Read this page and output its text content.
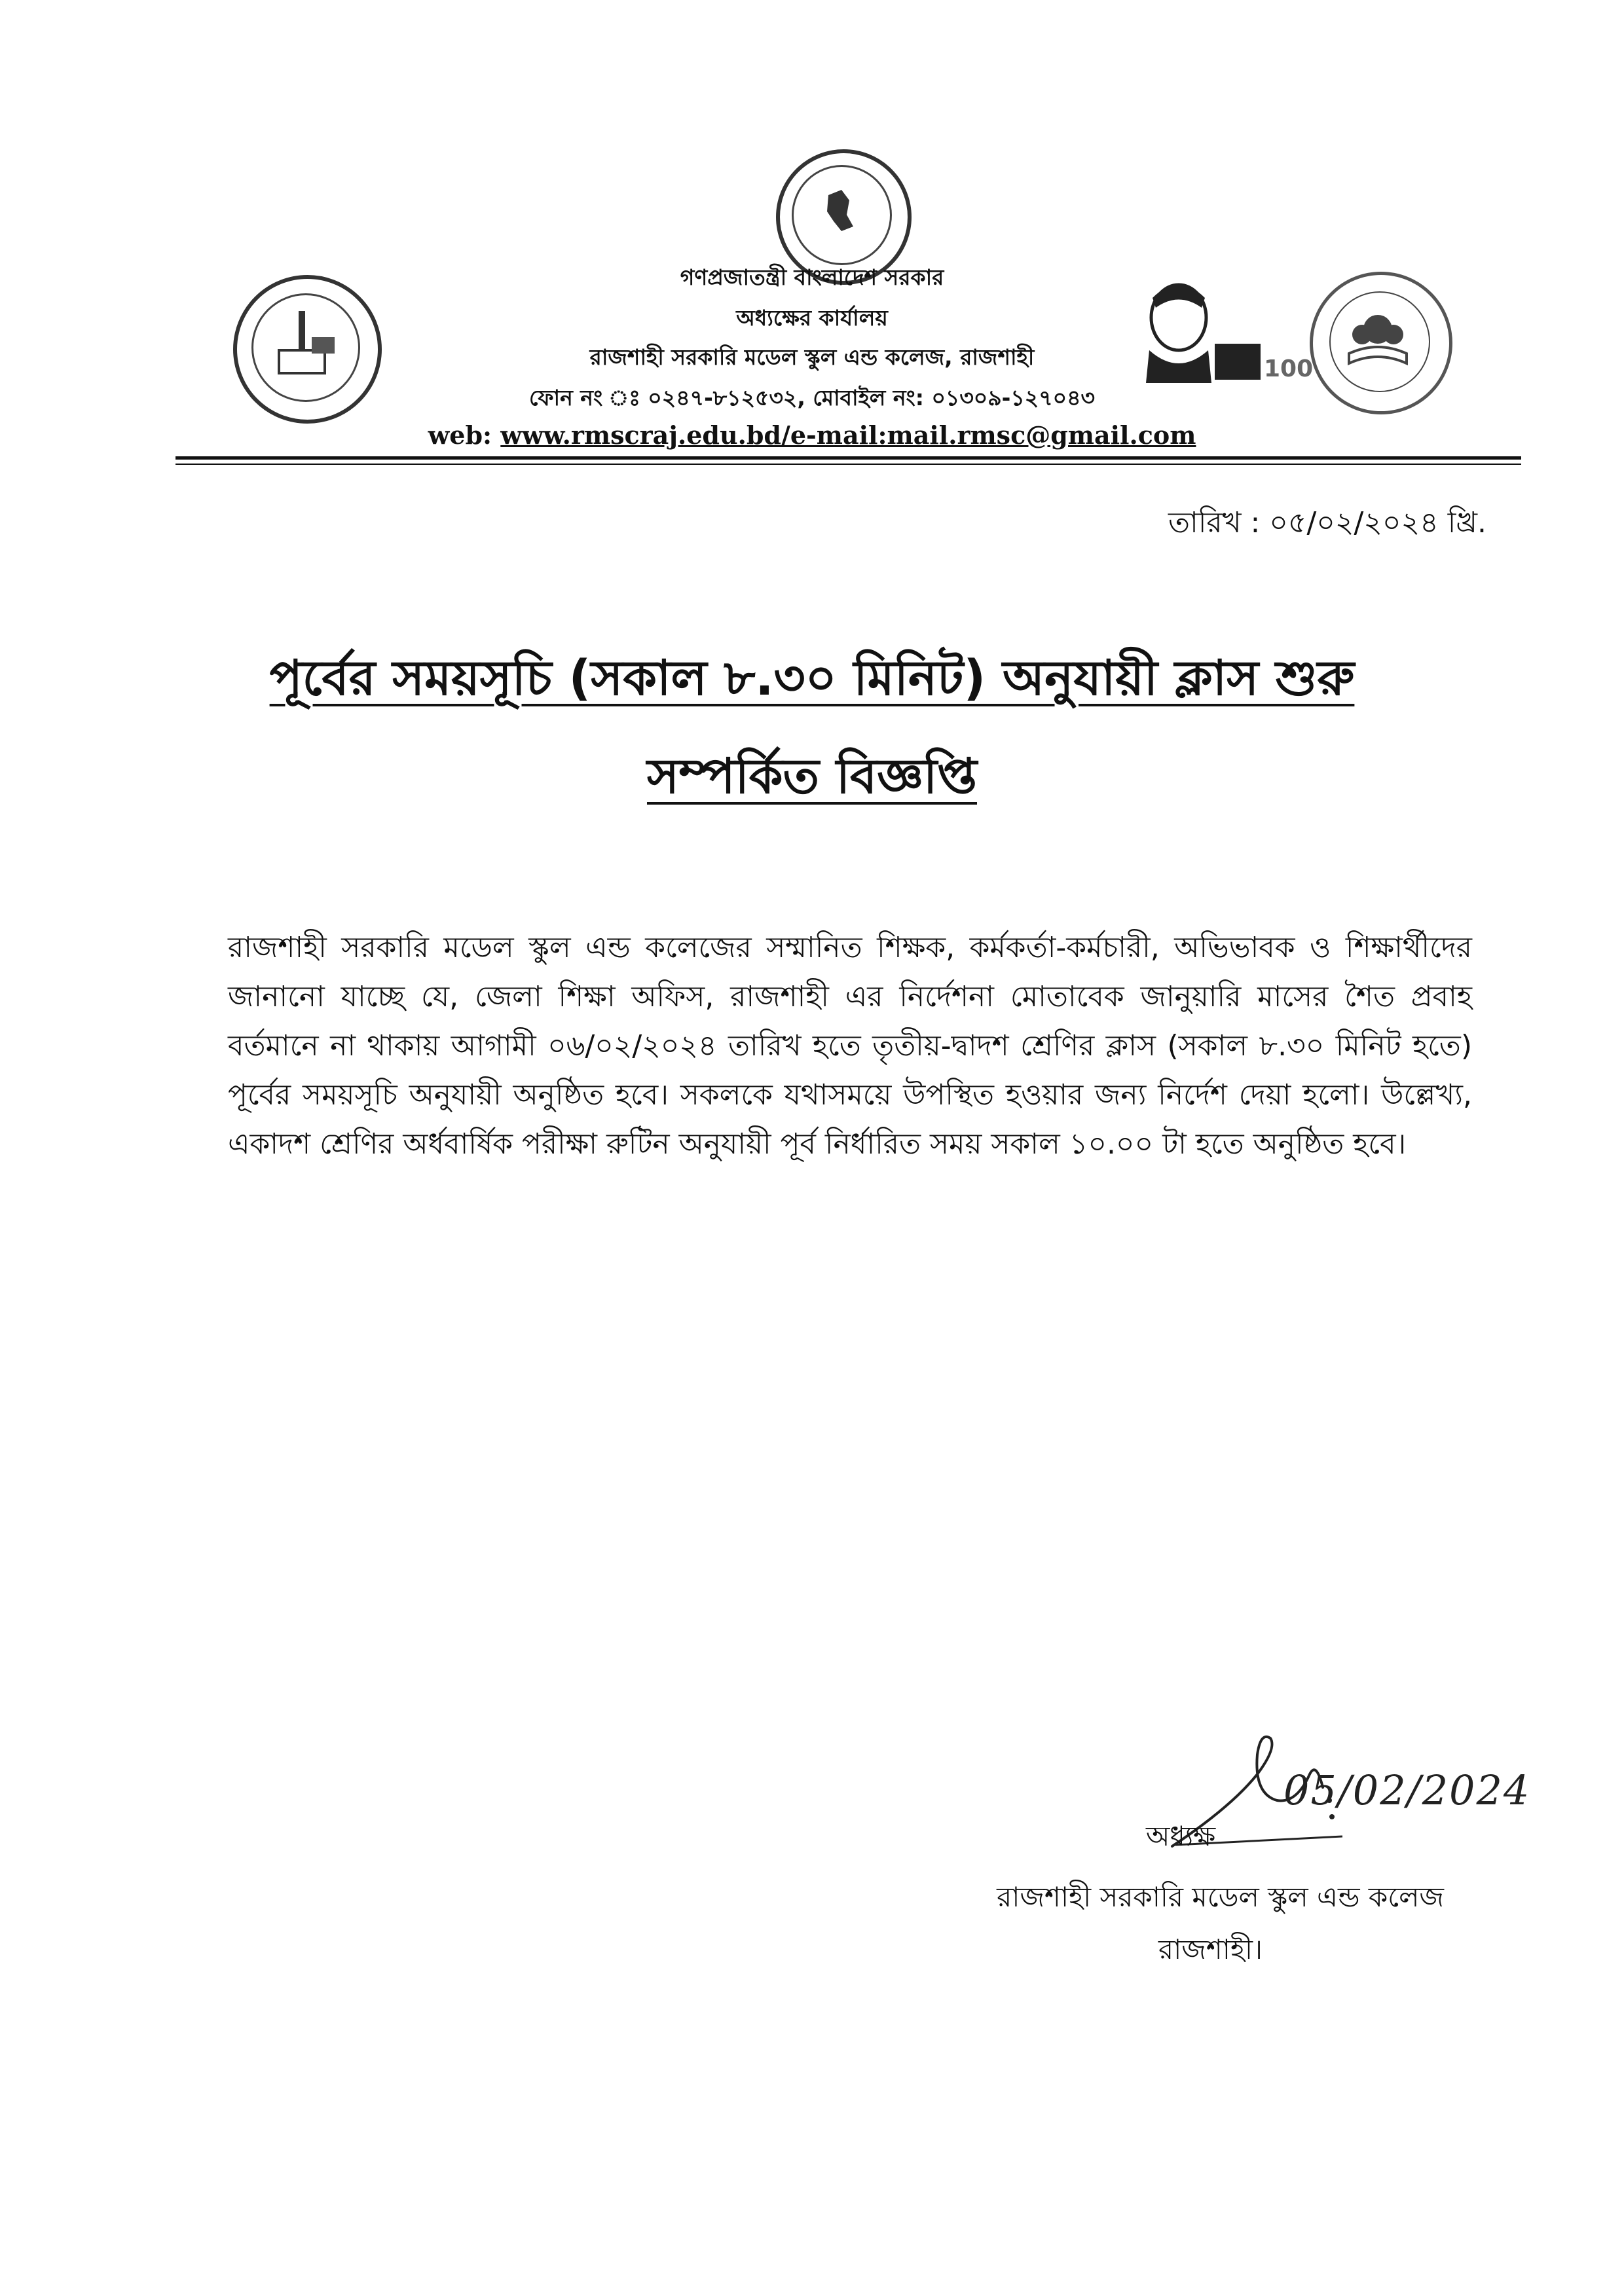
100
গণপ্রজাতন্ত্রী বাংলাদেশ সরকার
অধ্যক্ষের কার্যালয়
রাজশাহী সরকারি মডেল স্কুল এন্ড কলেজ, রাজশাহী
ফোন নং ঃ ০২৪৭-৮১২৫৩২, মোবাইল নং: ০১৩০৯-১২৭০৪৩
web: www.rmscraj.edu.bd/e-mail:mail.rmsc@gmail.com
তারিখ : ০৫/০২/২০২৪ খ্রি.
পূর্বের সময়সূচি (সকাল ৮.৩০ মিনিট) অনুযায়ী ক্লাস শুরু
সম্পর্কিত বিজ্ঞপ্তি
রাজশাহী সরকারি মডেল স্কুল এন্ড কলেজের সম্মানিত শিক্ষক, কর্মকর্তা-কর্মচারী, অভিভাবক ও শিক্ষার্থীদের জানানো যাচ্ছে যে, জেলা শিক্ষা অফিস, রাজশাহী এর নির্দেশনা মোতাবেক জানুয়ারি মাসের শৈত প্রবাহ বর্তমানে না থাকায় আগামী ০৬/০২/২০২৪ তারিখ হতে তৃতীয়-দ্বাদশ শ্রেণির ক্লাস (সকাল ৮.৩০ মিনিট হতে) পূর্বের সময়সূচি অনুযায়ী অনুষ্ঠিত হবে। সকলকে যথাসময়ে উপস্থিত হওয়ার জন্য নির্দেশ দেয়া হলো। উল্লেখ্য, একাদশ শ্রেণির অর্ধবার্ষিক পরীক্ষা রুটিন অনুযায়ী পূর্ব নির্ধারিত সময় সকাল ১০.০০ টা হতে অনুষ্ঠিত হবে।
05/02/2024
অধ্যক্ষ
রাজশাহী সরকারি মডেল স্কুল এন্ড কলেজ
রাজশাহী।
